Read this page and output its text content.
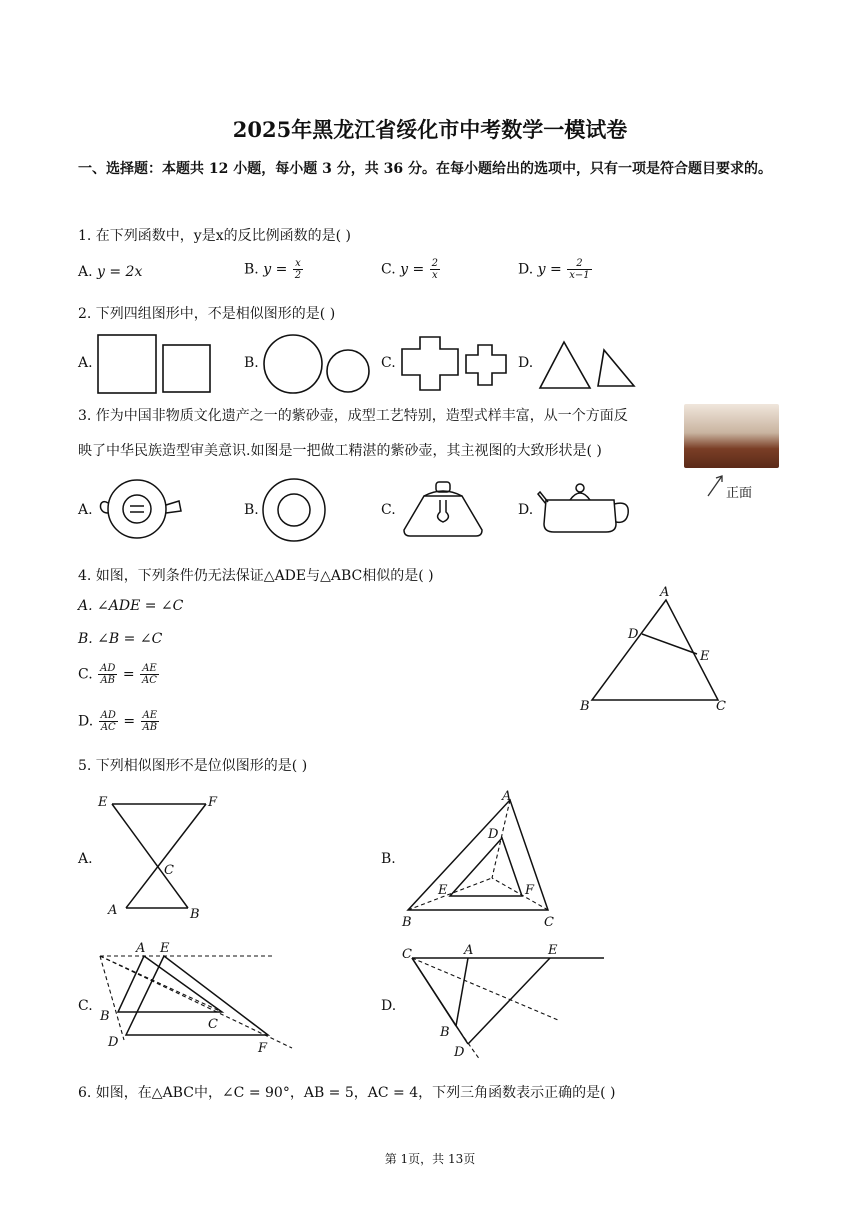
2025年黑龙江省绥化市中考数学一模试卷
一、选择题：本题共 12 小题，每小题 3 分，共 36 分。在每小题给出的选项中，只有一项是符合题目要求的。
1. 在下列函数中，y是x的反比例函数的是( )
A. y = 2x	B. $y = \frac{x}{2}$	C. $y = \frac{2}{x}$	D. $y = \frac{2}{x-1}$
2. 下列四组图形中，不是相似图形的是( )
A.	B.	C.	D.
3. 作为中国非物质文化遗产之一的紫砂壶，成型工艺特别，造型式样丰富，从一个方面反
映了中华民族造型审美意识.如图是一把做工精湛的紫砂壶，其主视图的大致形状是( )
正面
A.	B.	C.	D.
4. 如图，下列条件仍无法保证△ADE与△ABC相似的是( )
A. ∠ADE = ∠C
B. ∠B = ∠C
C. $\frac{AD}{AB} = \frac{AE}{AC}$
D. $\frac{AD}{AC} = \frac{AE}{AB}$
A
D
E
B	C
5. 下列相似图形不是位似图形的是( )
A.
E	F
C
A	B
B.
A
D
E	F
B	C
C.
A E
B
C
D	F
D.
C	A	E
B
D
6. 如图，在△ABC中，∠C = 90°，AB = 5，AC = 4，下列三角函数表示正确的是( )
第 1页，共 13页
